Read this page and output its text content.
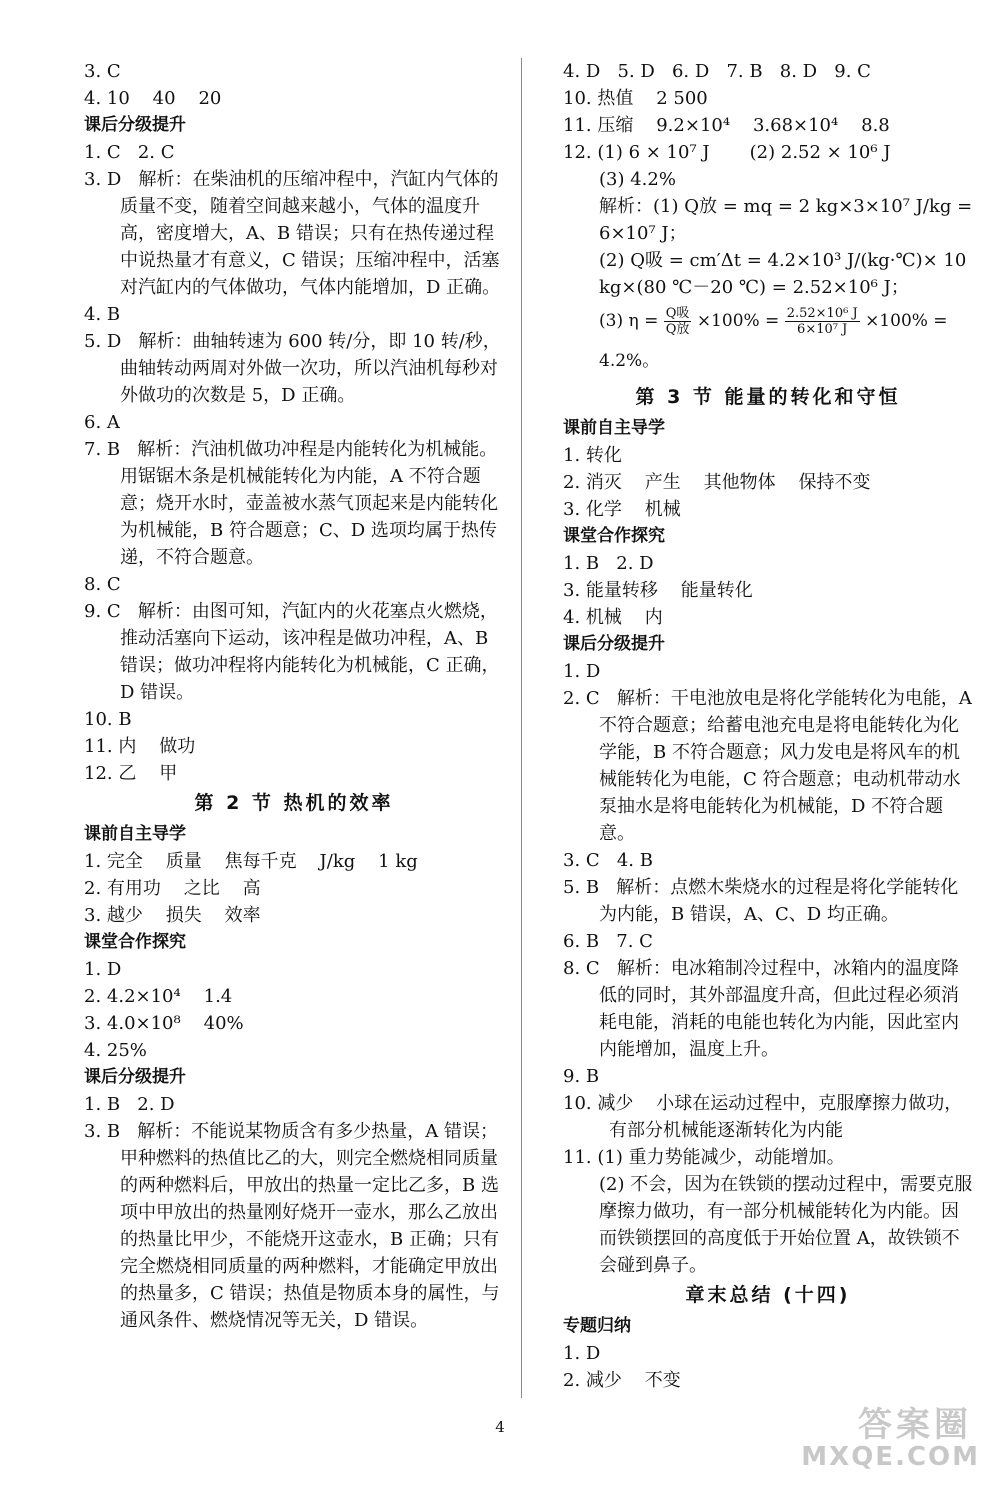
3. C
4. 10    40    20
课后分级提升
1. C   2. C
3. D   解析：在柴油机的压缩冲程中，汽缸内气体的质量不变，随着空间越来越小，气体的温度升高，密度增大，A、B 错误；只有在热传递过程中说热量才有意义，C 错误；压缩冲程中，活塞对汽缸内的气体做功，气体内能增加，D 正确。
4. B
5. D   解析：曲轴转速为 600 转/分，即 10 转/秒，曲轴转动两周对外做一次功，所以汽油机每秒对外做功的次数是 5，D 正确。
6. A
7. B   解析：汽油机做功冲程是内能转化为机械能。用锯锯木条是机械能转化为内能，A 不符合题意；烧开水时，壶盖被水蒸气顶起来是内能转化为机械能，B 符合题意；C、D 选项均属于热传递，不符合题意。
8. C
9. C   解析：由图可知，汽缸内的火花塞点火燃烧，推动活塞向下运动，该冲程是做功冲程，A、B 错误；做功冲程将内能转化为机械能，C 正确，D 错误。
10. B
11. 内    做功
12. 乙    甲
第 2 节 热机的效率
课前自主导学
1. 完全    质量    焦每千克    J/kg    1 kg
2. 有用功    之比    高
3. 越少    损失    效率
课堂合作探究
1. D
2. 4.2×10⁴    1.4
3. 4.0×10⁸    40%
4. 25%
课后分级提升
1. B   2. D
3. B   解析：不能说某物质含有多少热量，A 错误；甲种燃料的热值比乙的大，则完全燃烧相同质量的两种燃料后，甲放出的热量一定比乙多，B 选项中甲放出的热量刚好烧开一壶水，那么乙放出的热量比甲少，不能烧开这壶水，B 正确；只有完全燃烧相同质量的两种燃料，才能确定甲放出的热量多，C 错误；热值是物质本身的属性，与通风条件、燃烧情况等无关，D 错误。
4. D   5. D   6. D   7. B   8. D   9. C
10. 热值    2 500
11. 压缩    9.2×10⁴    3.68×10⁴    8.8
12. (1) 6 × 10⁷ J       (2) 2.52 × 10⁶ J
(3) 4.2%
解析：(1) Q放 = mq = 2 kg×3×10⁷ J/kg = 6×10⁷ J；
(2) Q吸 = cm′Δt = 4.2×10³ J/(kg·℃)× 10 kg×(80 ℃－20 ℃) = 2.52×10⁶ J；
(3) $\eta = \frac{\text{Q吸}}{\text{Q放}} \times 100\% = \frac{\text{2.52×10⁶ J}}{\text{6×10⁷ J}} \times 100\% = 4.2\%$。
第 3 节 能量的转化和守恒
课前自主导学
1. 转化
2. 消灭    产生    其他物体    保持不变
3. 化学    机械
课堂合作探究
1. B   2. D
3. 能量转移    能量转化
4. 机械    内
课后分级提升
1. D
2. C   解析：干电池放电是将化学能转化为电能，A 不符合题意；给蓄电池充电是将电能转化为化学能，B 不符合题意；风力发电是将风车的机械能转化为电能，C 符合题意；电动机带动水泵抽水是将电能转化为机械能，D 不符合题意。
3. C   4. B
5. B   解析：点燃木柴烧水的过程是将化学能转化为内能，B 错误，A、C、D 均正确。
6. B   7. C
8. C   解析：电冰箱制冷过程中，冰箱内的温度降低的同时，其外部温度升高，但此过程必须消耗电能，消耗的电能也转化为内能，因此室内内能增加，温度上升。
9. B
10. 减少    小球在运动过程中，克服摩擦力做功，有部分机械能逐渐转化为内能
11. (1) 重力势能减少，动能增加。
(2) 不会，因为在铁锁的摆动过程中，需要克服摩擦力做功，有一部分机械能转化为内能。因而铁锁摆回的高度低于开始位置 A，故铁锁不会碰到鼻子。
章末总结 (十四)
专题归纳
1. D
2. 减少    不变
4	答案圈
MXQE.COM
